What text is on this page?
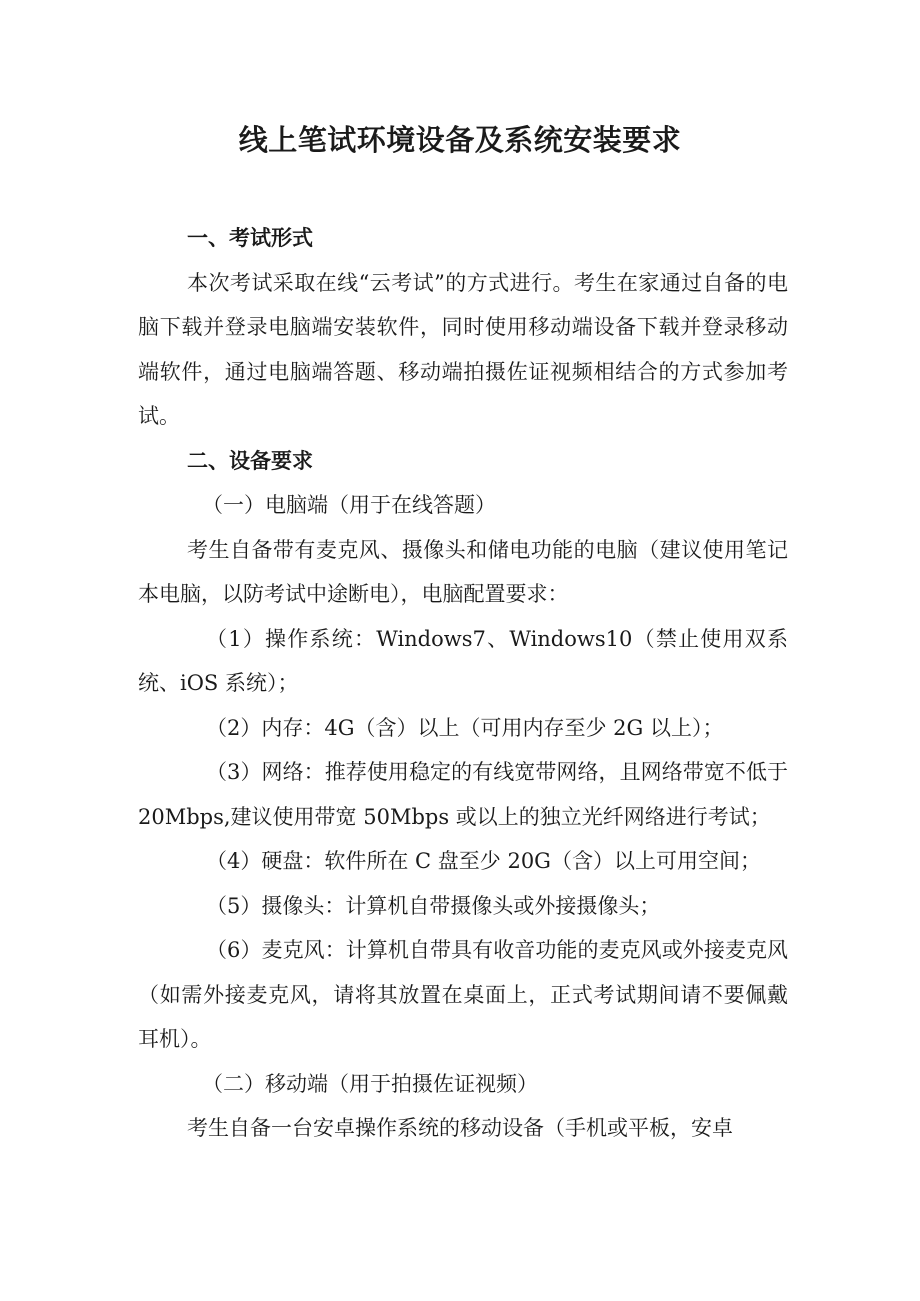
线上笔试环境设备及系统安装要求

一、考试形式

本次考试采取在线“云考试”的方式进行。考生在家通过自备的电脑下载并登录电脑端安装软件，同时使用移动端设备下载并登录移动端软件，通过电脑端答题、移动端拍摄佐证视频相结合的方式参加考试。

二、设备要求

（一）电脑端（用于在线答题）

考生自备带有麦克风、摄像头和储电功能的电脑（建议使用笔记本电脑，以防考试中途断电），电脑配置要求：

（1）操作系统：Windows7、Windows10（禁止使用双系统、iOS 系统）；

（2）内存：4G（含）以上（可用内存至少 2G 以上）；

（3）网络：推荐使用稳定的有线宽带网络，且网络带宽不低于 20Mbps,建议使用带宽 50Mbps 或以上的独立光纤网络进行考试；

（4）硬盘：软件所在 C 盘至少 20G（含）以上可用空间；

（5）摄像头：计算机自带摄像头或外接摄像头；

（6）麦克风：计算机自带具有收音功能的麦克风或外接麦克风（如需外接麦克风，请将其放置在桌面上，正式考试期间请不要佩戴耳机）。

（二）移动端（用于拍摄佐证视频）

考生自备一台安卓操作系统的移动设备（手机或平板，安卓
